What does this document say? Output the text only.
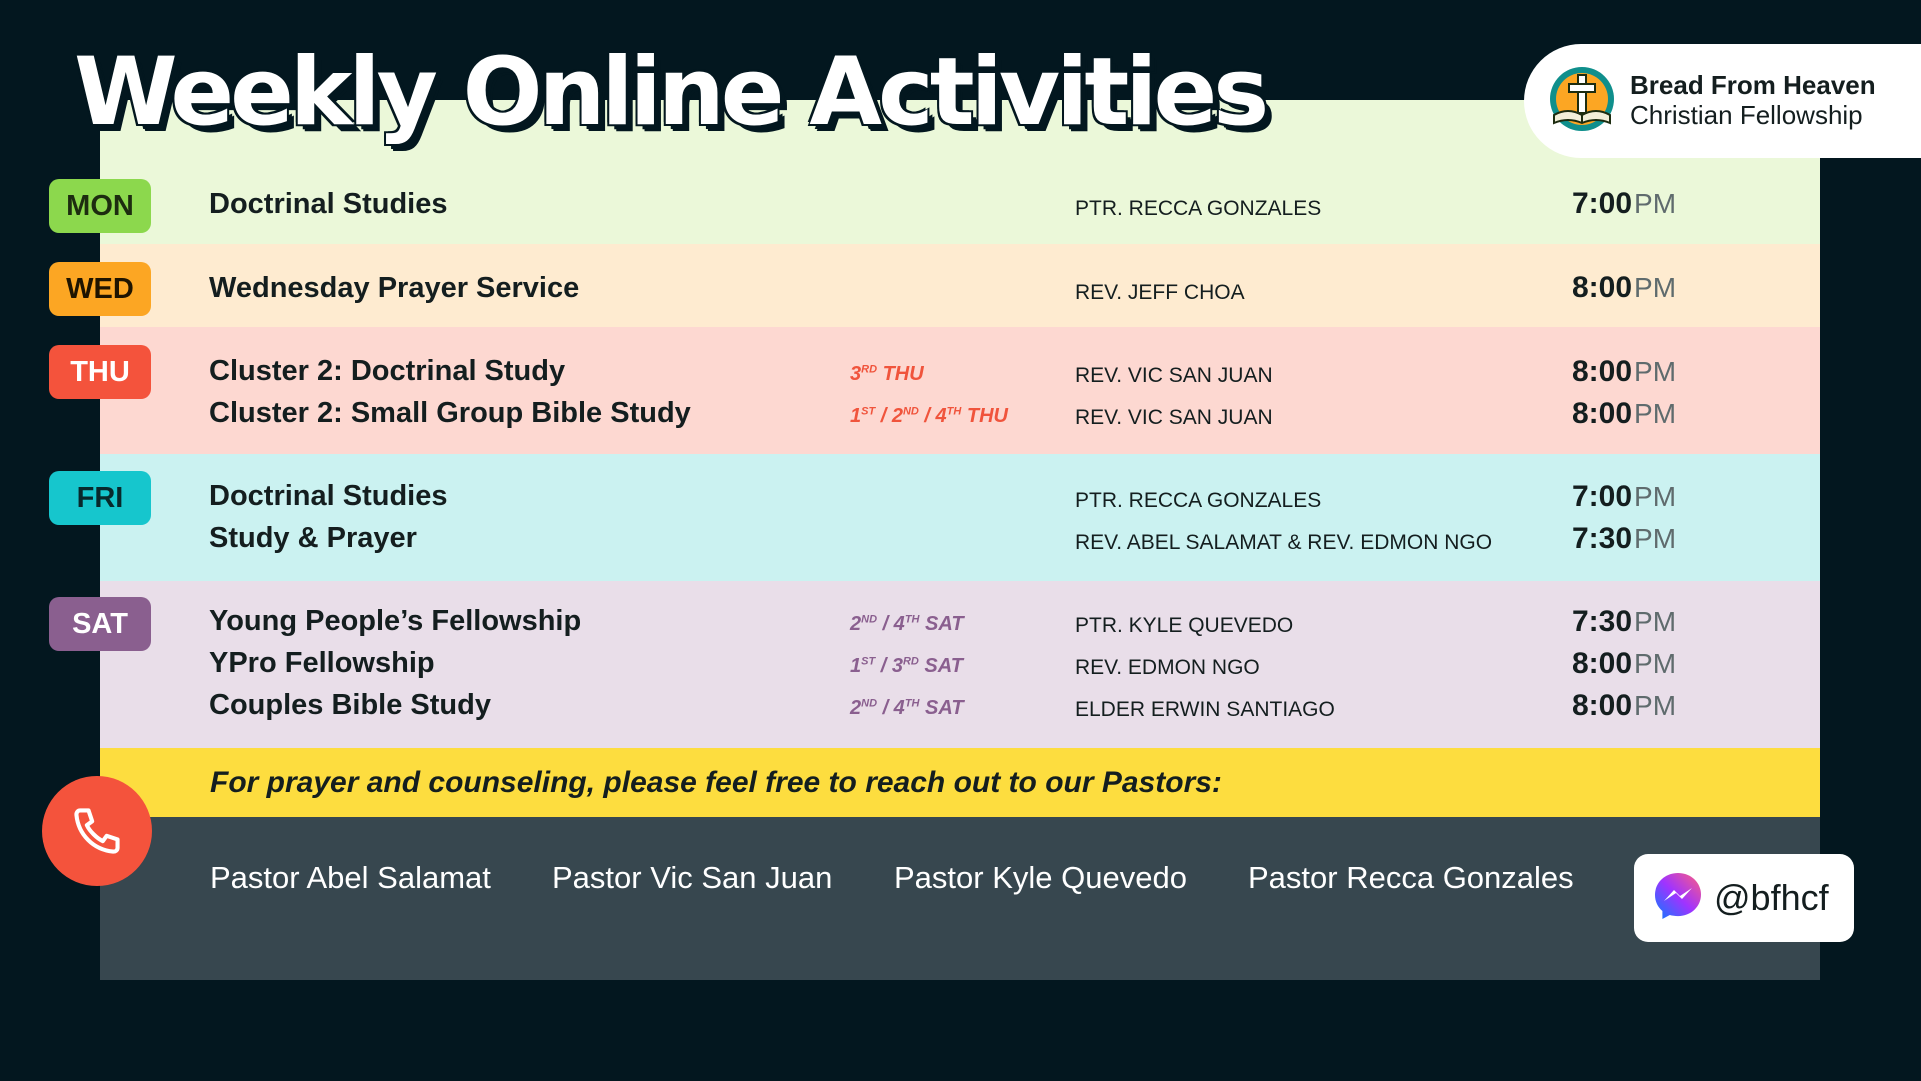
Weekly Online Activities	Bread From Heaven
Christian Fellowship
MON	Doctrinal Studies	PTR. RECCA GONZALES	7:00PM
WED	Wednesday Prayer Service	REV. JEFF CHOA	8:00PM
THU	Cluster 2: Doctrinal Study	3RD THU	REV. VIC SAN JUAN	8:00PM
Cluster 2: Small Group Bible Study	1ST / 2ND / 4TH THU	REV. VIC SAN JUAN	8:00PM
FRI	Doctrinal Studies	PTR. RECCA GONZALES	7:00PM
Study & Prayer	REV. ABEL SALAMAT & REV. EDMON NGO	7:30PM
SAT	Young People’s Fellowship	2ND / 4TH SAT	PTR. KYLE QUEVEDO	7:30PM
YPro Fellowship	1ST / 3RD SAT	REV. EDMON NGO	8:00PM
Couples Bible Study	2ND / 4TH SAT	ELDER ERWIN SANTIAGO	8:00PM
For prayer and counseling, please feel free to reach out to our Pastors:
Pastor Abel Salamat Pastor Vic San Juan Pastor Kyle Quevedo Pastor Recca Gonzales	@bfhcf
